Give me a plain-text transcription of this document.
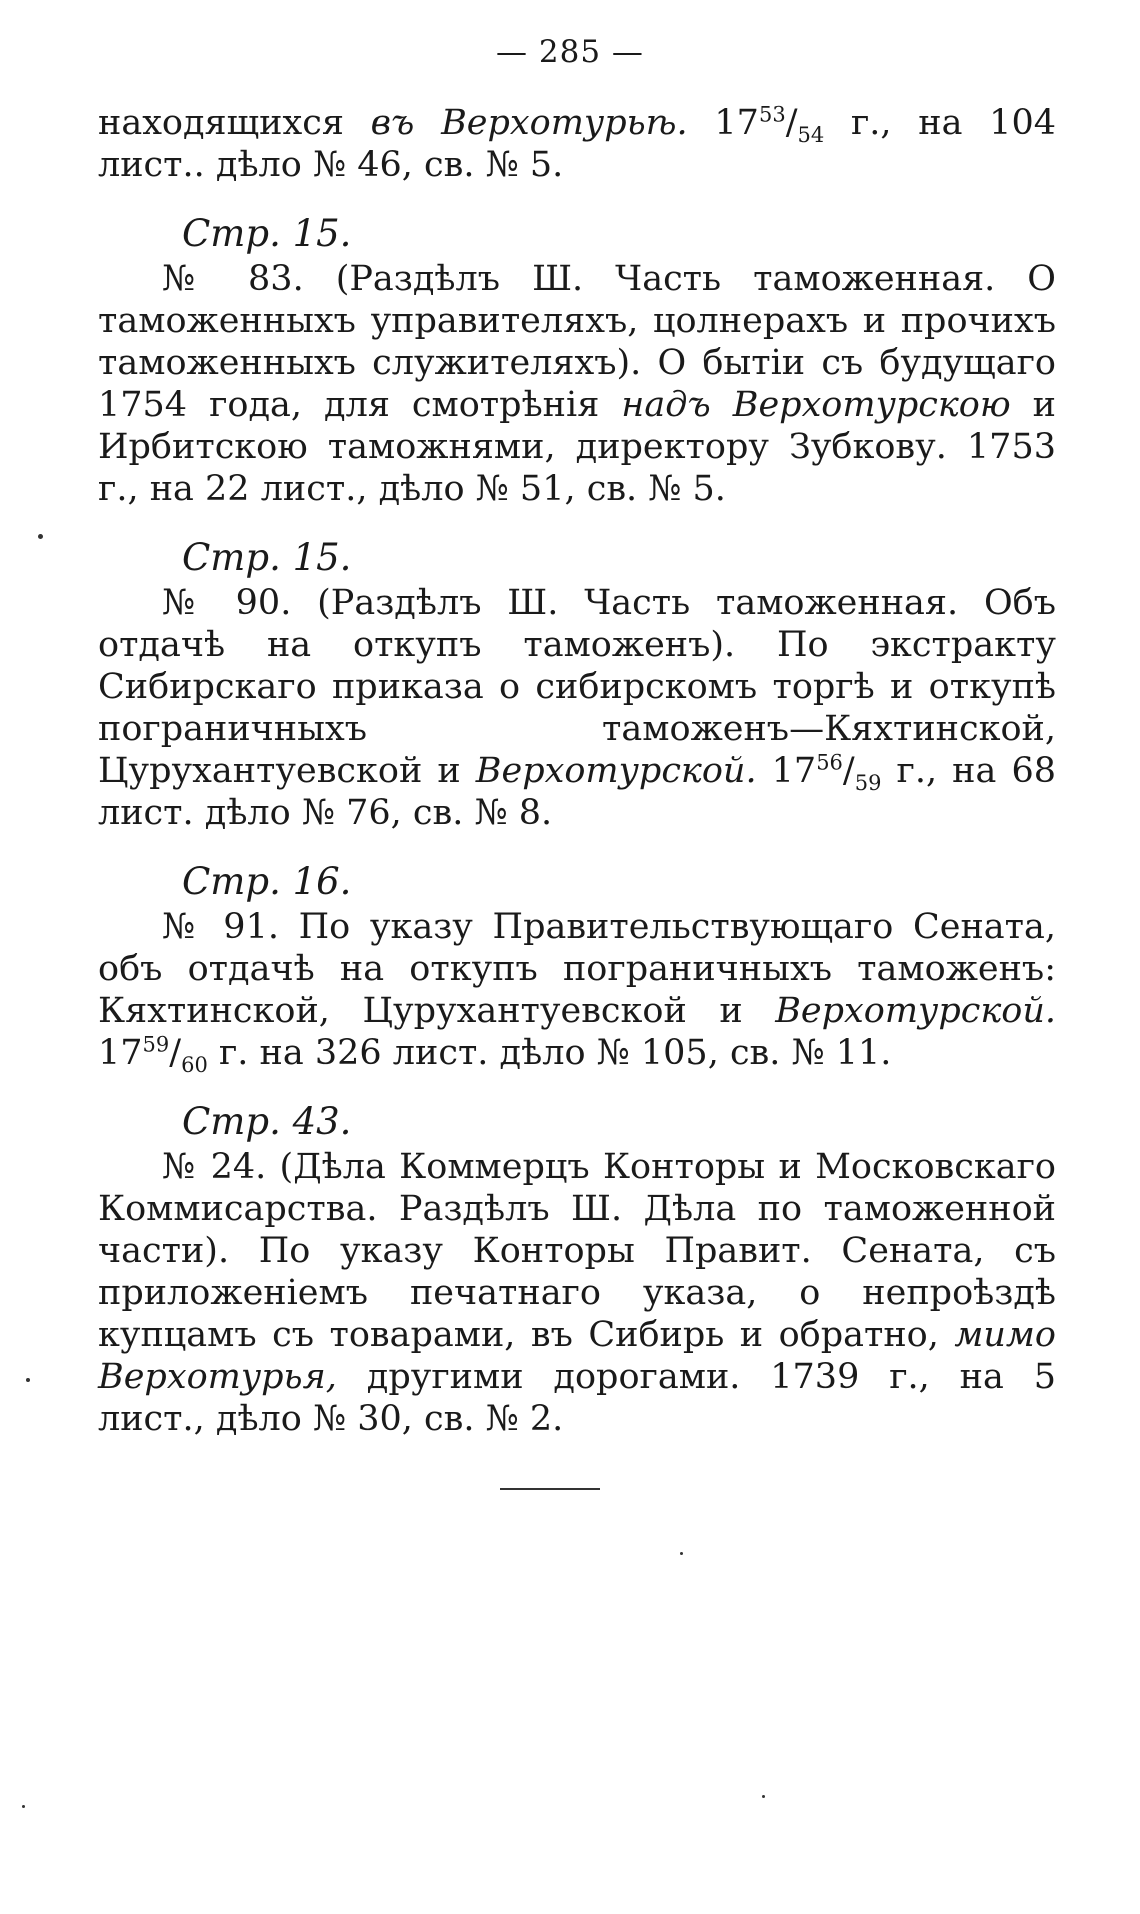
— 285 —

находящихся въ Верхотурьѣ. $17^{53}/_{54}$ г., на 104 лист.. дѣло № 46, св. № 5.

Стр. 15.

№ 83. (Раздѣлъ Ш. Часть таможенная. О таможенныхъ управителяхъ, цолнерахъ и прочихъ таможенныхъ служителяхъ). О бытіи съ будущаго 1754 года, для смотрѣнія надъ Верхотурскою и Ирбитскою таможнями, директору Зубкову. 1753 г., на 22 лист., дѣло № 51, св. № 5.

Стр. 15.

№ 90. (Раздѣлъ Ш. Часть таможенная. Объ отдачѣ на откупъ таможенъ). По экстракту Сибирскаго приказа о сибирскомъ торгѣ и откупѣ пограничныхъ таможенъ—Кяхтинской, Цурухантуевской и Верхотурской. $17^{56}/_{59}$ г., на 68 лист. дѣло № 76, св. № 8.

Стр. 16.

№ 91. По указу Правительствующаго Сената, объ отдачѣ на откупъ пограничныхъ таможенъ: Кяхтинской, Цурухантуевской и Верхотурской. $17^{59}/_{60}$ г. на 326 лист. дѣло № 105, св. № 11.

Стр. 43.

№ 24. (Дѣла Коммерцъ Конторы и Московскаго Коммисарства. Раздѣлъ Ш. Дѣла по таможенной части). По указу Конторы Правит. Сената, съ приложеніемъ печатнаго указа, о непроѣздѣ купцамъ съ товарами, въ Сибирь и обратно, мимо Верхотурья, другими дорогами. 1739 г., на 5 лист., дѣло № 30, св. № 2.
